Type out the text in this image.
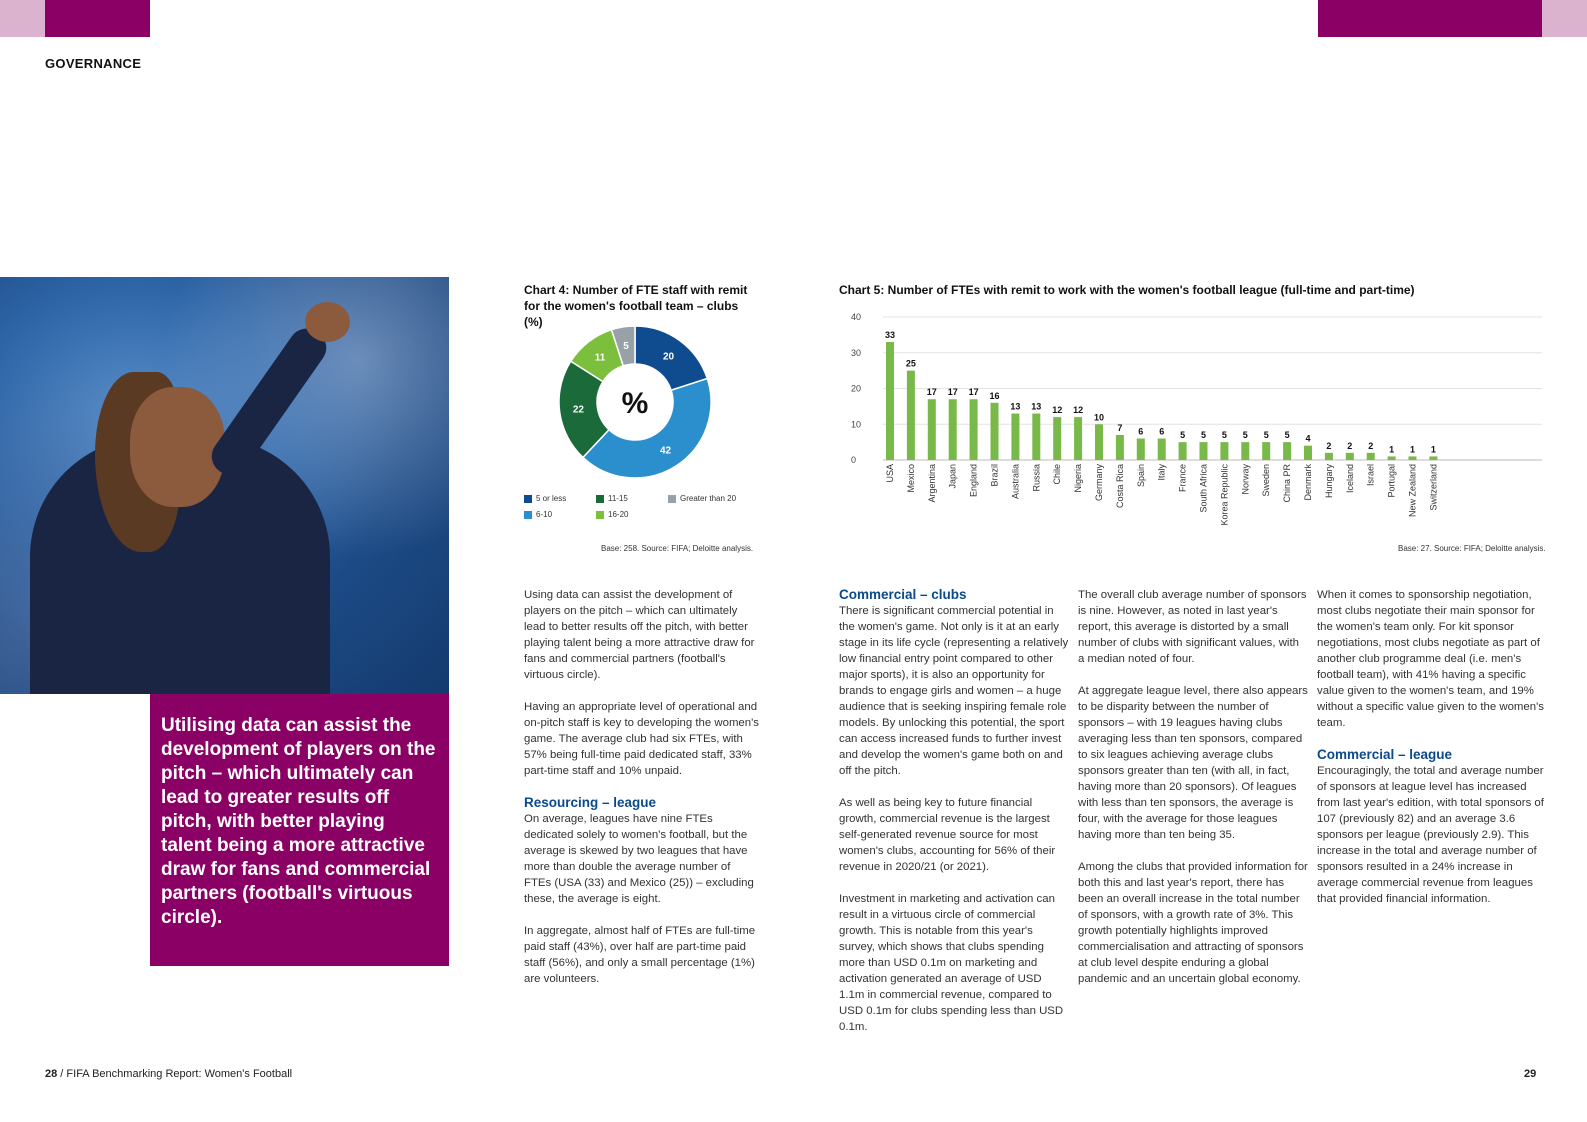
GOVERNANCE

Utilising data can assist the development of players on the pitch – which ultimately can lead to greater results off pitch, with better playing talent being a more attractive draw for fans and commercial partners (football's virtuous circle).

Chart 4: Number of FTE staff with remit for the women's football team – clubs (%)
20
42
22
11
5
%
5 or less
6-10
11-15
16-20
Greater than 20
Base: 258. Source: FIFA; Deloitte analysis.
Chart 5: Number of FTEs with remit to work with the women's football league (full-time and part-time)
0
10
20
30
40
33
USA
25
Mexico
17
Argentina
17
Japan
17
England
16
Brazil
13
Australia
13
Russia
12
Chile
12
Nigeria
10
Germany
7
Costa Rica
6
Spain
6
Italy
5
France
5
South Africa
5
Korea Republic
5
Norway
5
Sweden
5
China PR
4
Denmark
2
Hungary
2
Iceland
2
Israel
1
Portugal
1
New Zealand
1
Switzerland
Base: 27. Source: FIFA; Deloitte analysis.

Using data can assist the development of players on the pitch – which can ultimately lead to better results off the pitch, with better playing talent being a more attractive draw for fans and commercial partners (football's virtuous circle).

Having an appropriate level of operational and on-pitch staff is key to developing the women's game. The average club had six FTEs, with 57% being full-time paid dedicated staff, 33% part-time staff and 10% unpaid.

Resourcing – league

On average, leagues have nine FTEs dedicated solely to women's football, but the average is skewed by two leagues that have more than double the average number of FTEs (USA (33) and Mexico (25)) – excluding these, the average is eight.

In aggregate, almost half of FTEs are full-time paid staff (43%), over half are part-time paid staff (56%), and only a small percentage (1%) are volunteers.

Commercial – clubs

There is significant commercial potential in the women's game. Not only is it at an early stage in its life cycle (representing a relatively low financial entry point compared to other major sports), it is also an opportunity for brands to engage girls and women – a huge audience that is seeking inspiring female role models. By unlocking this potential, the sport can access increased funds to further invest and develop the women's game both on and off the pitch.

As well as being key to future financial growth, commercial revenue is the largest self-generated revenue source for most women's clubs, accounting for 56% of their revenue in 2020/21 (or 2021).

Investment in marketing and activation can result in a virtuous circle of commercial growth. This is notable from this year's survey, which shows that clubs spending more than USD 0.1m on marketing and activation generated an average of USD 1.1m in commercial revenue, compared to USD 0.1m for clubs spending less than USD 0.1m.

The overall club average number of sponsors is nine. However, as noted in last year's report, this average is distorted by a small number of clubs with significant values, with a median noted of four.

At aggregate league level, there also appears to be disparity between the number of sponsors – with 19 leagues having clubs averaging less than ten sponsors, compared to six leagues achieving average clubs sponsors greater than ten (with all, in fact, having more than 20 sponsors). Of leagues with less than ten sponsors, the average is four, with the average for those leagues having more than ten being 35.

Among the clubs that provided information for both this and last year's report, there has been an overall increase in the total number of sponsors, with a growth rate of 3%. This growth potentially highlights improved commercialisation and attracting of sponsors at club level despite enduring a global pandemic and an uncertain global economy.

When it comes to sponsorship negotiation, most clubs negotiate their main sponsor for the women's team only. For kit sponsor negotiations, most clubs negotiate as part of another club programme deal (i.e. men's football team), with 41% having a specific value given to the women's team, and 19% without a specific value given to the women's team.

Commercial – league

Encouragingly, the total and average number of sponsors at league level has increased from last year's edition, with total sponsors of 107 (previously 82) and an average 3.6 sponsors per league (previously 2.9). This increase in the total and average number of sponsors resulted in a 24% increase in average commercial revenue from leagues that provided financial information.

28 / FIFA Benchmarking Report: Women's Football	29
